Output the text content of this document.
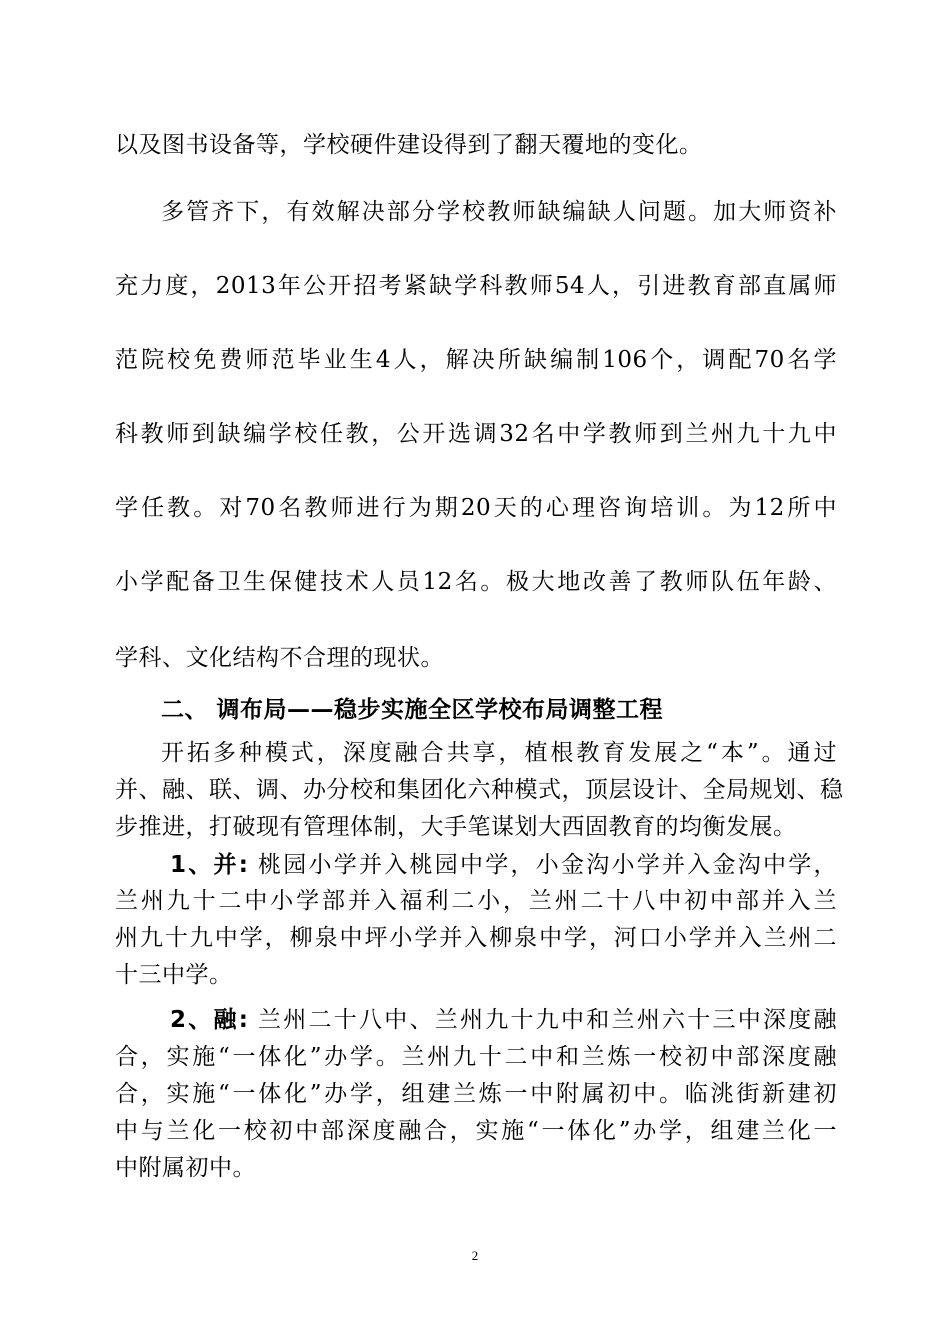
以及图书设备等，学校硬件建设得到了翻天覆地的变化。
多管齐下，有效解决部分学校教师缺编缺人问题。加大师资补
充力度，2013年公开招考紧缺学科教师54人，引进教育部直属师
范院校免费师范毕业生4人，解决所缺编制106个，调配70名学
科教师到缺编学校任教，公开选调32名中学教师到兰州九十九中
学任教。对70名教师进行为期20天的心理咨询培训。为12所中
小学配备卫生保健技术人员12名。极大地改善了教师队伍年龄、
学科、文化结构不合理的现状。
二、 调布局——稳步实施全区学校布局调整工程
开拓多种模式，深度融合共享，植根教育发展之“本”。通过
并、融、联、调、办分校和集团化六种模式，顶层设计、全局规划、稳
步推进，打破现有管理体制，大手笔谋划大西固教育的均衡发展。
1、并: 桃园小学并入桃园中学，小金沟小学并入金沟中学，
兰州九十二中小学部并入福利二小，兰州二十八中初中部并入兰
州九十九中学，柳泉中坪小学并入柳泉中学，河口小学并入兰州二
十三中学。
2、融: 兰州二十八中、兰州九十九中和兰州六十三中深度融
合，实施“一体化”办学。兰州九十二中和兰炼一校初中部深度融
合，实施“一体化”办学，组建兰炼一中附属初中。临洮街新建初
中与兰化一校初中部深度融合，实施“一体化”办学，组建兰化一
中附属初中。
2
